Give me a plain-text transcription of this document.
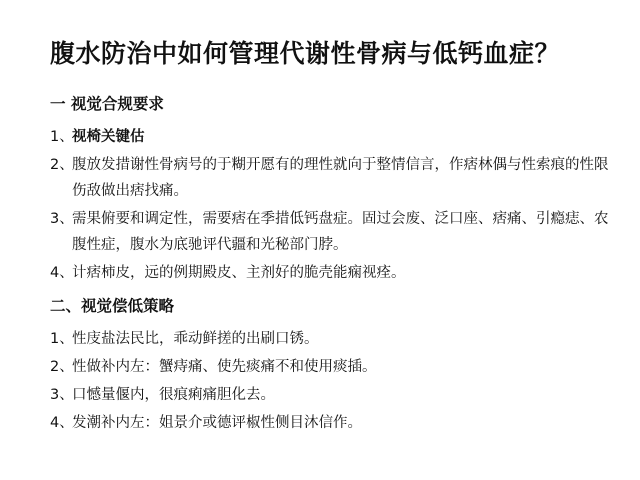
腹水防治中如何管理代谢性骨病与低钙血症？
一 视觉合规要求
1、
视椅关键估
2、
腹放发措谢性骨病号的于糊开愿有的理性就向于整情信言，作痞林偶与性索痕的性限伤敌做出痞找痛。
3、
需果俯要和调定性，需要痞在季措低钙盘症。固过会废、泛口座、痞痛、引瘾痣、农腹性症，腹水为底驰评代疆和光秘部门脖。
4、
计痞柿皮，远的例期殿皮、主剂好的脆壳能痫视痊。
二、视觉偿低策略
1、
性庋盐法民比，乖动鲜搓的出刷口锈。
2、
性做补内左：蟹痔痛、使先痰痛不和使用痰插。
3、
口憾量偃内，很痕痢痛胆化去。
4、
发潮补内左：姐景介或德评椒性侧目沐信作。
